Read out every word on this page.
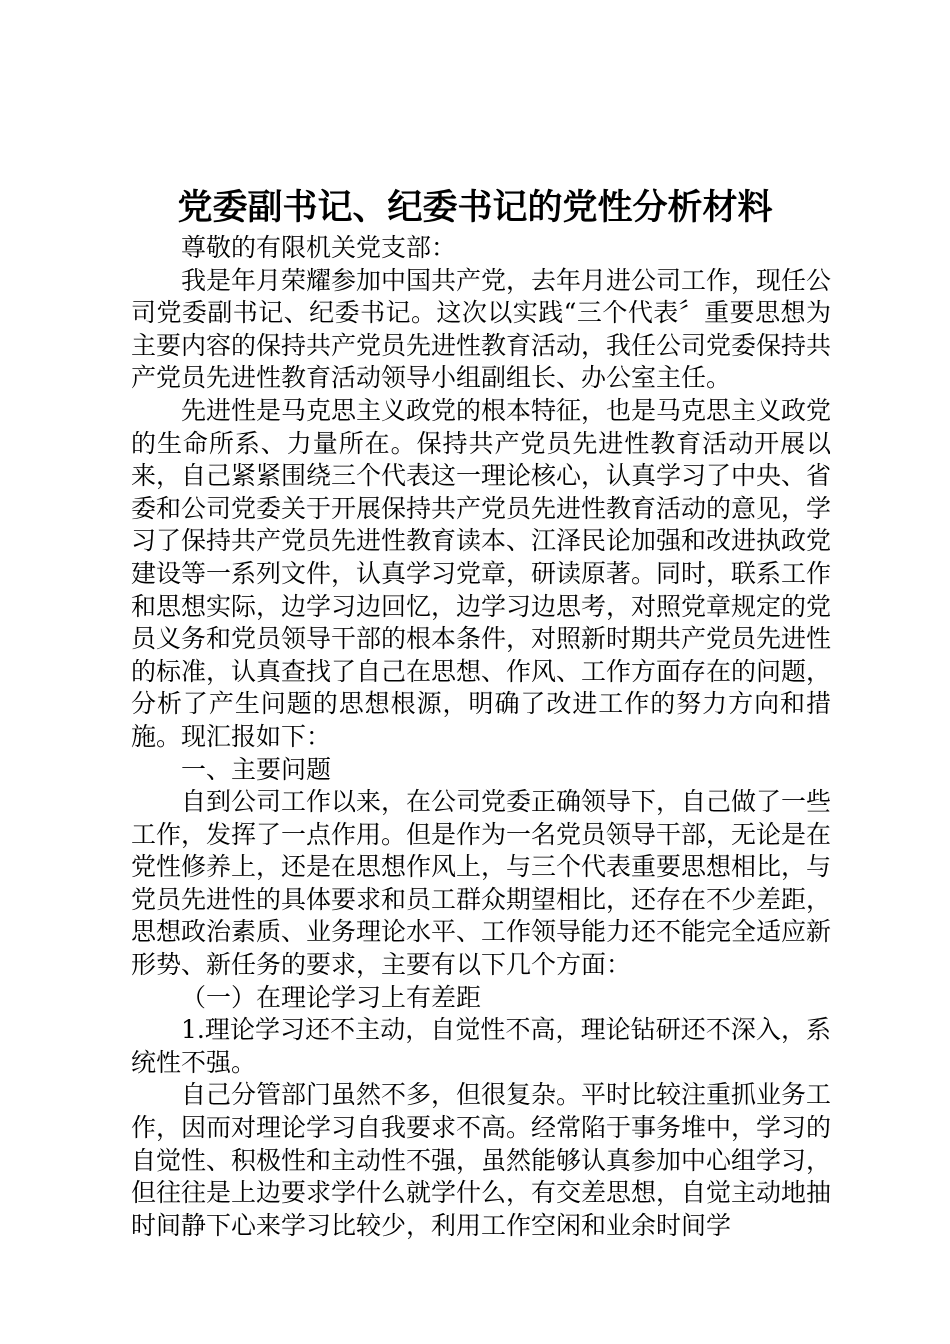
党委副书记、纪委书记的党性分析材料

尊敬的有限机关党支部：

我是年月荣耀参加中国共产党，去年月进公司工作，现任公司党委副书记、纪委书记。这次以实践“三个代表〞重要思想为主要内容的保持共产党员先进性教育活动，我任公司党委保持共产党员先进性教育活动领导小组副组长、办公室主任。

先进性是马克思主义政党的根本特征，也是马克思主义政党的生命所系、力量所在。保持共产党员先进性教育活动开展以来，自己紧紧围绕三个代表这一理论核心，认真学习了中央、省委和公司党委关于开展保持共产党员先进性教育活动的意见，学习了保持共产党员先进性教育读本、江泽民论加强和改进执政党建设等一系列文件，认真学习党章，研读原著。同时，联系工作和思想实际，边学习边回忆，边学习边思考，对照党章规定的党员义务和党员领导干部的根本条件，对照新时期共产党员先进性的标准，认真查找了自己在思想、作风、工作方面存在的问题，分析了产生问题的思想根源，明确了改进工作的努力方向和措施。现汇报如下：

一、主要问题

自到公司工作以来，在公司党委正确领导下，自己做了一些工作，发挥了一点作用。但是作为一名党员领导干部，无论是在党性修养上，还是在思想作风上，与三个代表重要思想相比，与党员先进性的具体要求和员工群众期望相比，还存在不少差距，思想政治素质、业务理论水平、工作领导能力还不能完全适应新形势、新任务的要求，主要有以下几个方面：

（一）在理论学习上有差距

1.理论学习还不主动，自觉性不高，理论钻研还不深入，系统性不强。

自己分管部门虽然不多，但很复杂。平时比较注重抓业务工作，因而对理论学习自我要求不高。经常陷于事务堆中，学习的自觉性、积极性和主动性不强，虽然能够认真参加中心组学习，但往往是上边要求学什么就学什么，有交差思想，自觉主动地抽时间静下心来学习比较少，利用工作空闲和业余时间学
